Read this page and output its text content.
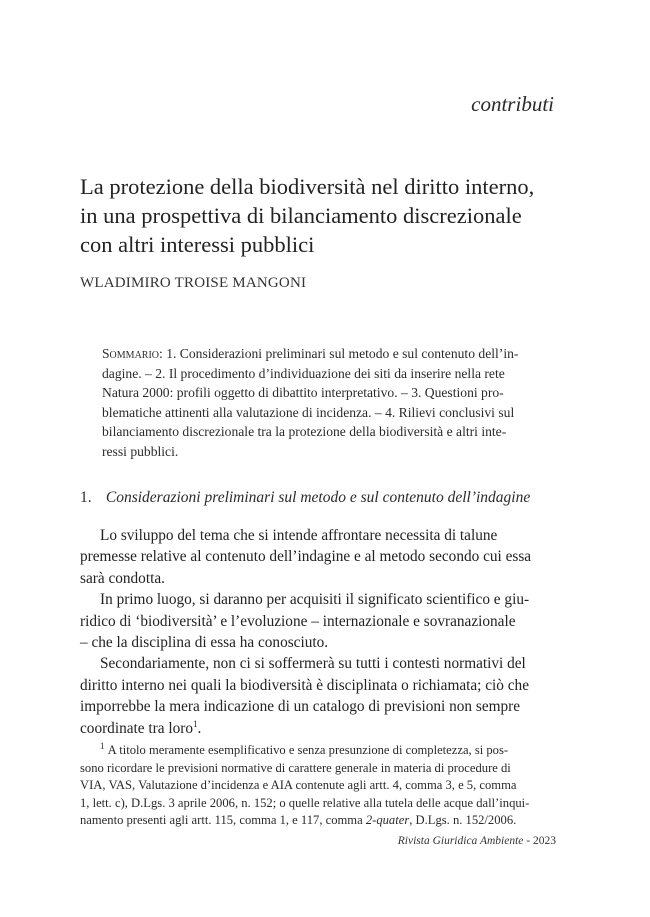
contributi
La protezione della biodiversità nel diritto interno,
in una prospettiva di bilanciamento discrezionale
con altri interessi pubblici
WLADIMIRO TROISE MANGONI
Sommario: 1. Considerazioni preliminari sul metodo e sul contenuto dell’in-
dagine. – 2. Il procedimento d’individuazione dei siti da inserire nella rete
Natura 2000: profili oggetto di dibattito interpretativo. – 3. Questioni pro-
blematiche attinenti alla valutazione di incidenza. – 4. Rilievi conclusivi sul
bilanciamento discrezionale tra la protezione della biodiversità e altri inte-
ressi pubblici.
1. Considerazioni preliminari sul metodo e sul contenuto dell’indagine
Lo sviluppo del tema che si intende affrontare necessita di talune
premesse relative al contenuto dell’indagine e al metodo secondo cui essa
sarà condotta.
In primo luogo, si daranno per acquisiti il significato scientifico e giu-
ridico di ‘biodiversità’ e l’evoluzione – internazionale e sovranazionale
– che la disciplina di essa ha conosciuto.
Secondariamente, non ci si soffermerà su tutti i contesti normativi del
diritto interno nei quali la biodiversità è disciplinata o richiamata; ciò che
imporrebbe la mera indicazione di un catalogo di previsioni non sempre
coordinate tra loro$^1$.
$^1$ A titolo meramente esemplificativo e senza presunzione di completezza, si pos-
sono ricordare le previsioni normative di carattere generale in materia di procedure di
VIA, VAS, Valutazione d’incidenza e AIA contenute agli artt. 4, comma 3, e 5, comma
1, lett. c), D.Lgs. 3 aprile 2006, n. 152; o quelle relative alla tutela delle acque dall’inqui-
namento presenti agli artt. 115, comma 1, e 117, comma 2-quater, D.Lgs. n. 152/2006.
Rivista Giuridica Ambiente - 2023
